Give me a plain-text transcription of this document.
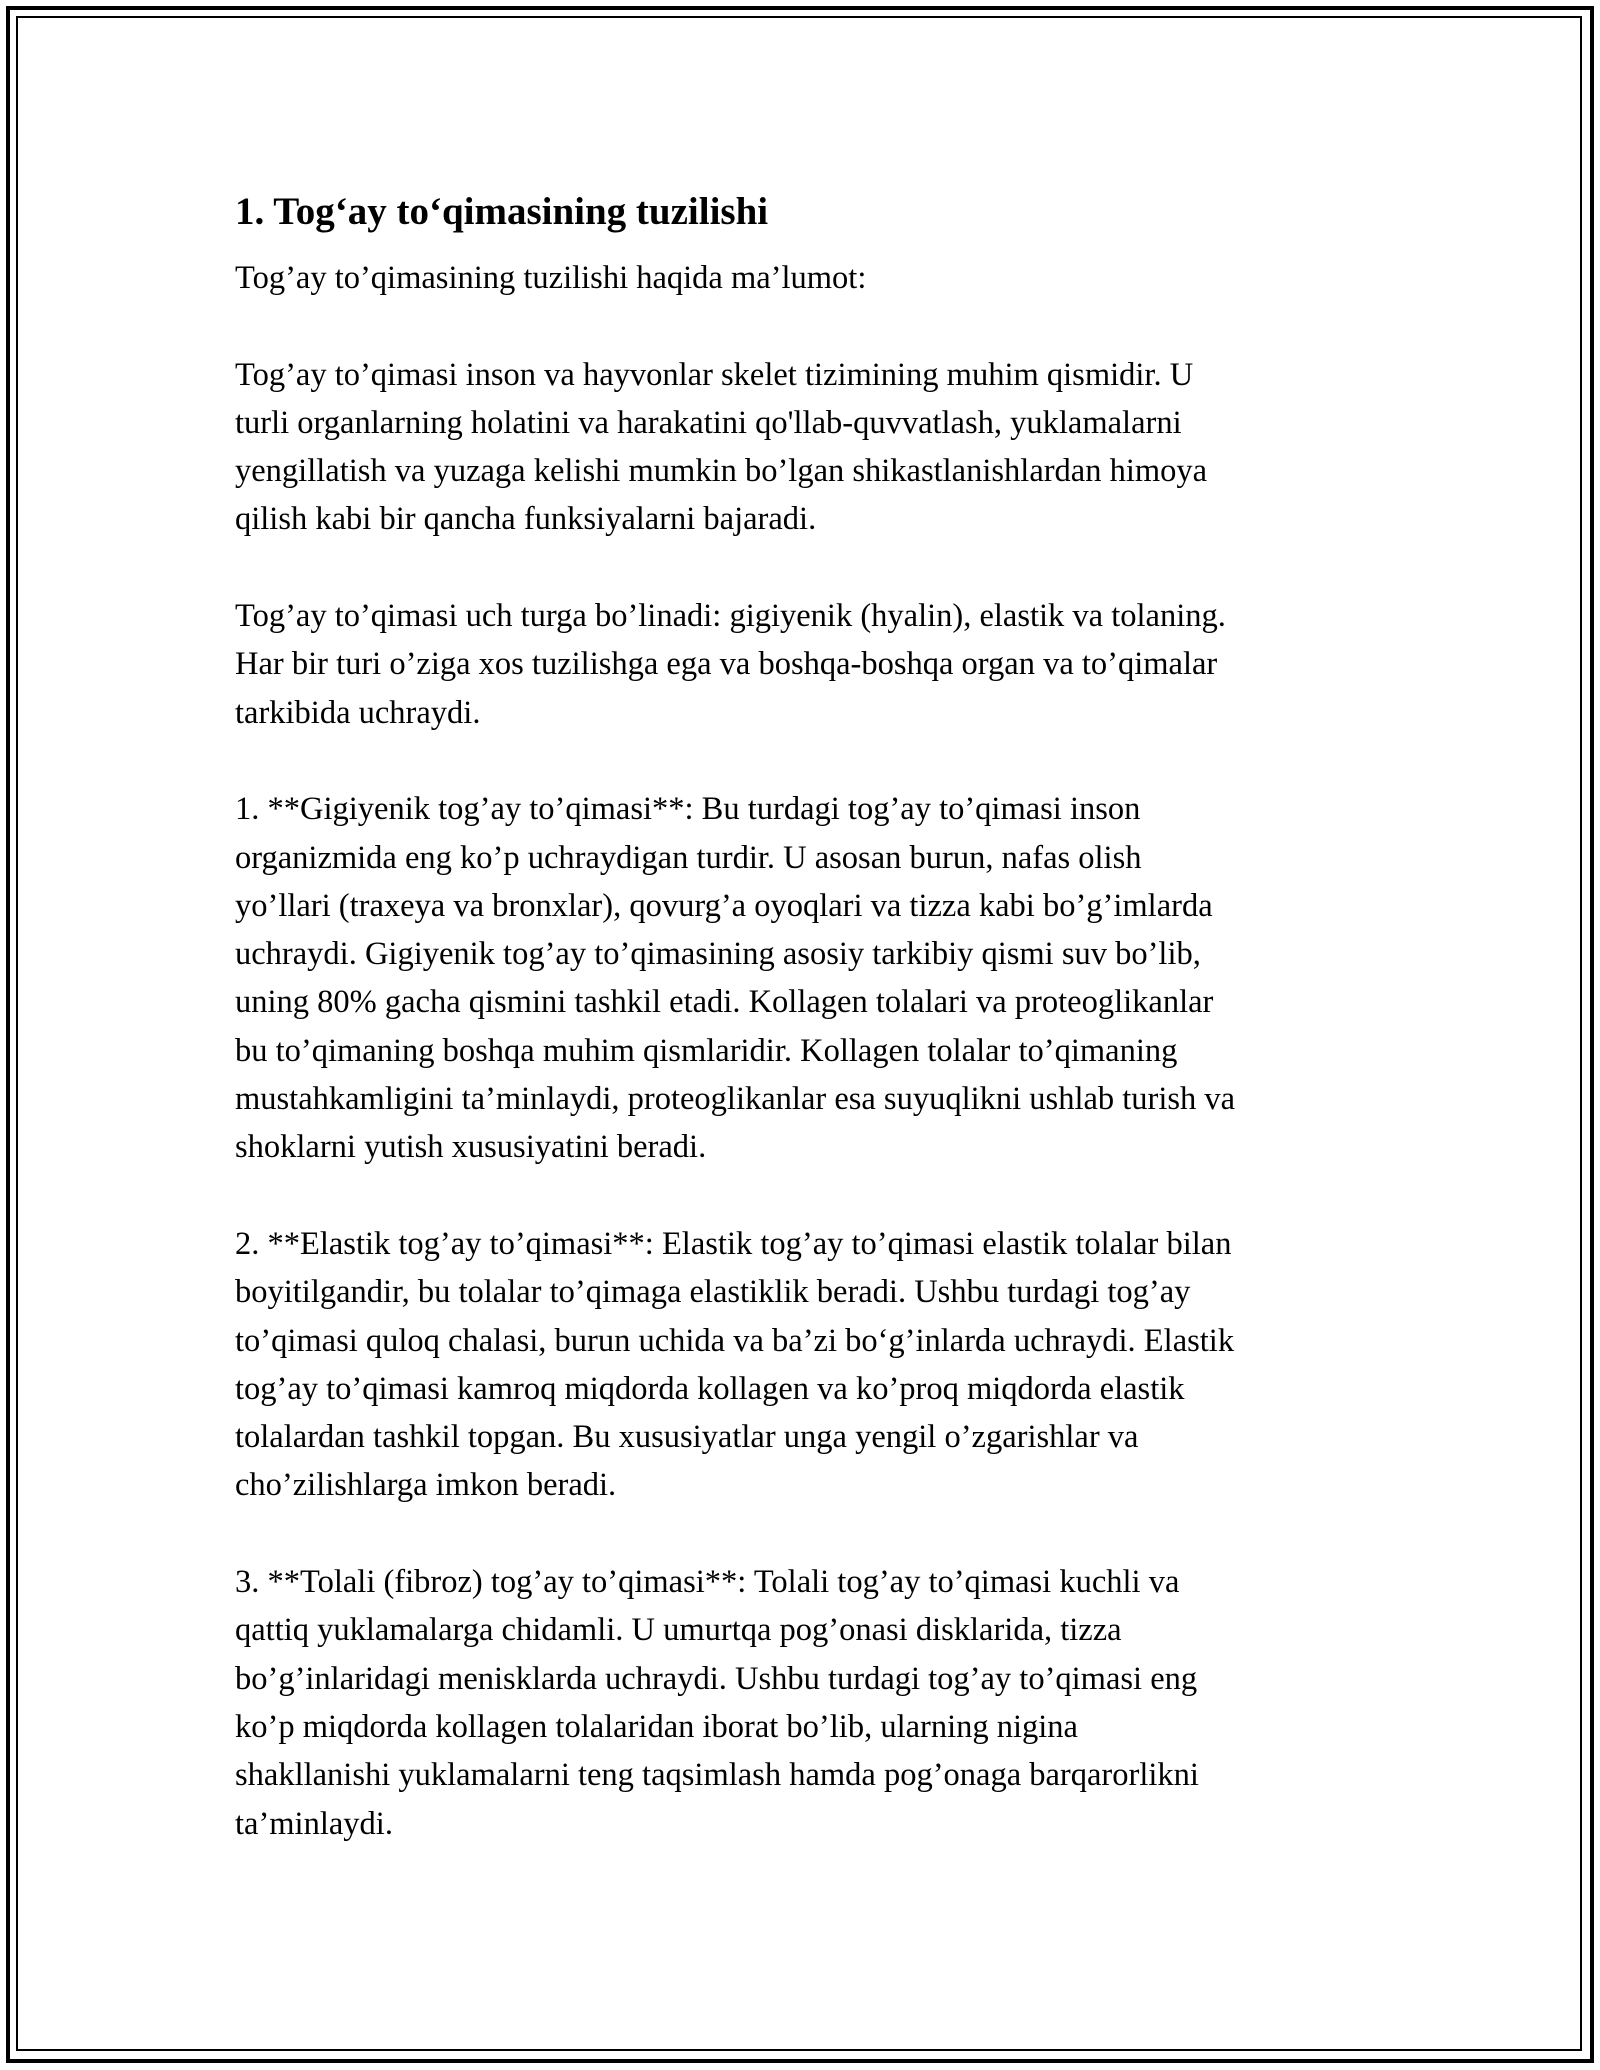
1. Tog‘ay to‘qimasining tuzilishi

Tog’ay to’qimasining tuzilishi haqida ma’lumot:

Tog’ay to’qimasi inson va hayvonlar skelet tizimining muhim qismidir. U
turli organlarning holatini va harakatini qo'llab-quvvatlash, yuklamalarni
yengillatish va yuzaga kelishi mumkin bo’lgan shikastlanishlardan himoya
qilish kabi bir qancha funksiyalarni bajaradi.

Tog’ay to’qimasi uch turga bo’linadi: gigiyenik (hyalin), elastik va tolaning.
Har bir turi o’ziga xos tuzilishga ega va boshqa-boshqa organ va to’qimalar
tarkibida uchraydi.

1. **Gigiyenik tog’ay to’qimasi**: Bu turdagi tog’ay to’qimasi inson
organizmida eng ko’p uchraydigan turdir. U asosan burun, nafas olish
yo’llari (traxeya va bronxlar), qovurg’a oyoqlari va tizza kabi bo’g’imlarda
uchraydi. Gigiyenik tog’ay to’qimasining asosiy tarkibiy qismi suv bo’lib,
uning 80% gacha qismini tashkil etadi. Kollagen tolalari va proteoglikanlar
bu to’qimaning boshqa muhim qismlaridir. Kollagen tolalar to’qimaning
mustahkamligini ta’minlaydi, proteoglikanlar esa suyuqlikni ushlab turish va
shoklarni yutish xususiyatini beradi.

2. **Elastik tog’ay to’qimasi**: Elastik tog’ay to’qimasi elastik tolalar bilan
boyitilgandir, bu tolalar to’qimaga elastiklik beradi. Ushbu turdagi tog’ay
to’qimasi quloq chalasi, burun uchida va ba’zi bo‘g’inlarda uchraydi. Elastik
tog’ay to’qimasi kamroq miqdorda kollagen va ko’proq miqdorda elastik
tolalardan tashkil topgan. Bu xususiyatlar unga yengil o’zgarishlar va
cho’zilishlarga imkon beradi.

3. **Tolali (fibroz) tog’ay to’qimasi**: Tolali tog’ay to’qimasi kuchli va
qattiq yuklamalarga chidamli. U umurtqa pog’onasi disklarida, tizza
bo’g’inlaridagi menisklarda uchraydi. Ushbu turdagi tog’ay to’qimasi eng
ko’p miqdorda kollagen tolalaridan iborat bo’lib, ularning nigina
shakllanishi yuklamalarni teng taqsimlash hamda pog’onaga barqarorlikni
ta’minlaydi.
